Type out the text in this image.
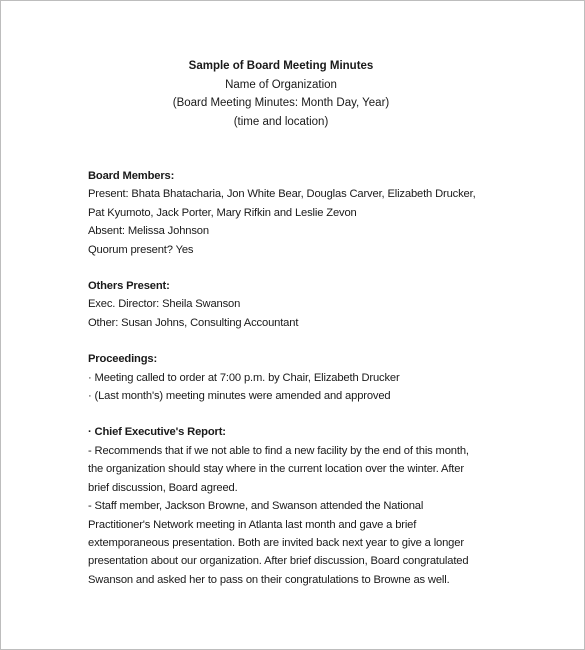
Sample of Board Meeting Minutes
Name of Organization
(Board Meeting Minutes: Month Day, Year)
(time and location)
Board Members:
Present: Bhata Bhatacharia, Jon White Bear, Douglas Carver, Elizabeth Drucker,
Pat Kyumoto, Jack Porter, Mary Rifkin and Leslie Zevon
Absent: Melissa Johnson
Quorum present? Yes
Others Present:
Exec. Director: Sheila Swanson
Other: Susan Johns, Consulting Accountant
Proceedings:
· Meeting called to order at 7:00 p.m. by Chair, Elizabeth Drucker
· (Last month's) meeting minutes were amended and approved
· Chief Executive's Report:
- Recommends that if we not able to find a new facility by the end of this month,
the organization should stay where in the current location over the winter. After
brief discussion, Board agreed.
- Staff member, Jackson Browne, and Swanson attended the National
Practitioner's Network meeting in Atlanta last month and gave a brief
extemporaneous presentation. Both are invited back next year to give a longer
presentation about our organization. After brief discussion, Board congratulated
Swanson and asked her to pass on their congratulations to Browne as well.
